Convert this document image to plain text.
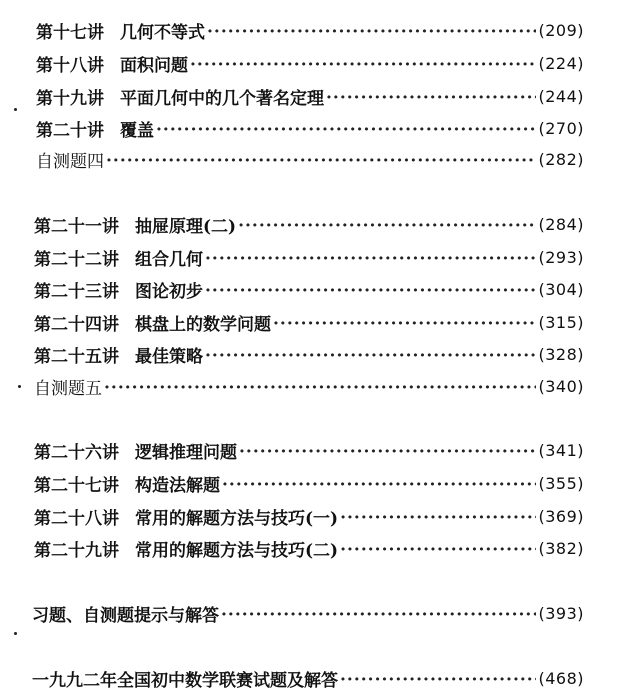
第十七讲 几何不等式 ·····	(209)
第十八讲 面积问题 ·····	(224)
第十九讲 平面几何中的几个著名定理 ·····	(244)
第二十讲 覆盖 ·····	(270)
自测题四 ·····	(282)
第二十一讲 抽屉原理(二) ·····	(284)
第二十二讲 组合几何 ·····	(293)
第二十三讲 图论初步 ·····	(304)
第二十四讲 棋盘上的数学问题 ·····	(315)
第二十五讲 最佳策略 ·····	(328)
自测题五 ·····	(340)
第二十六讲 逻辑推理问题 ·····	(341)
第二十七讲 构造法解题 ·····	(355)
第二十八讲 常用的解题方法与技巧(一) ·····	(369)
第二十九讲 常用的解题方法与技巧(二) ·····	(382)
习题、自测题提示与解答 ·····	(393)
一九九二年全国初中数学联赛试题及解答 ·····	(468)
